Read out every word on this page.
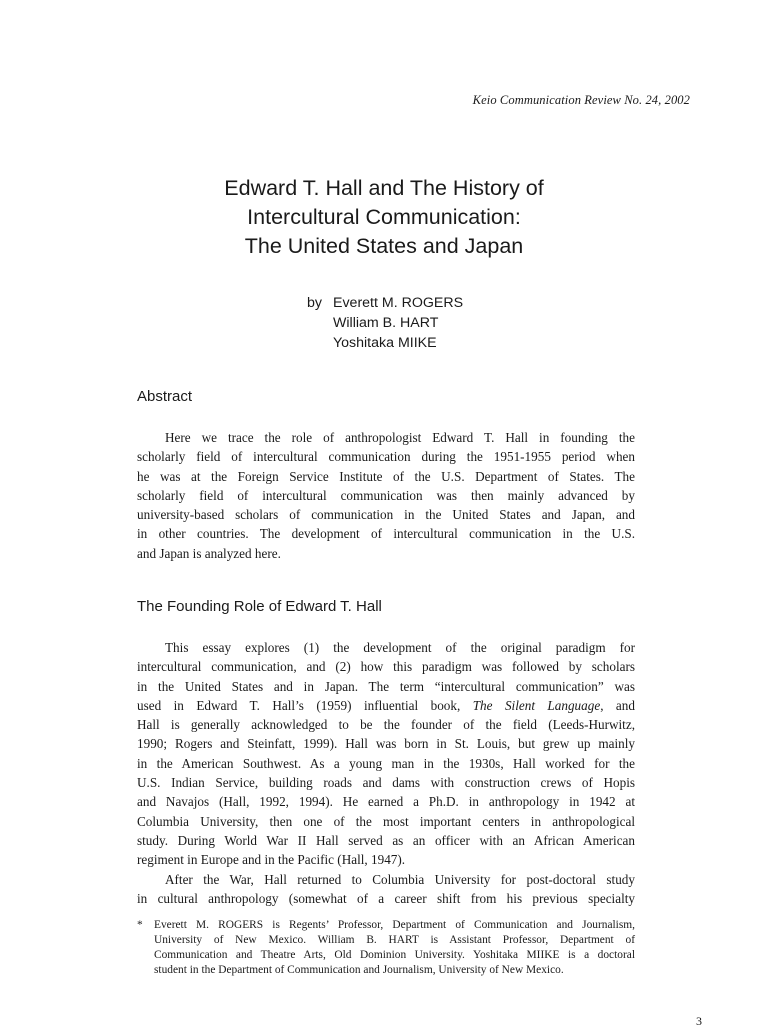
Keio Communication Review No. 24, 2002
Edward T. Hall and The History of
Intercultural Communication:
The United States and Japan
by Everett M. ROGERS
William B. HART
Yoshitaka MIIKE
Abstract
Here we trace the role of anthropologist Edward T. Hall in founding the
scholarly field of intercultural communication during the 1951-1955 period when
he was at the Foreign Service Institute of the U.S. Department of States. The
scholarly field of intercultural communication was then mainly advanced by
university-based scholars of communication in the United States and Japan, and
in other countries. The development of intercultural communication in the U.S.
and Japan is analyzed here.
The Founding Role of Edward T. Hall
This essay explores (1) the development of the original paradigm for
intercultural communication, and (2) how this paradigm was followed by scholars
in the United States and in Japan. The term “intercultural communication” was
used in Edward T. Hall’s (1959) influential book, The Silent Language, and
Hall is generally acknowledged to be the founder of the field (Leeds-Hurwitz,
1990; Rogers and Steinfatt, 1999). Hall was born in St. Louis, but grew up mainly
in the American Southwest. As a young man in the 1930s, Hall worked for the
U.S. Indian Service, building roads and dams with construction crews of Hopis
and Navajos (Hall, 1992, 1994). He earned a Ph.D. in anthropology in 1942 at
Columbia University, then one of the most important centers in anthropological
study. During World War II Hall served as an officer with an African American
regiment in Europe and in the Pacific (Hall, 1947).
After the War, Hall returned to Columbia University for post-doctoral study
in cultural anthropology (somewhat of a career shift from his previous specialty
* Everett M. ROGERS is Regents’ Professor, Department of Communication and Journalism,
University of New Mexico. William B. HART is Assistant Professor, Department of
Communication and Theatre Arts, Old Dominion University. Yoshitaka MIIKE is a doctoral
student in the Department of Communication and Journalism, University of New Mexico.
3
